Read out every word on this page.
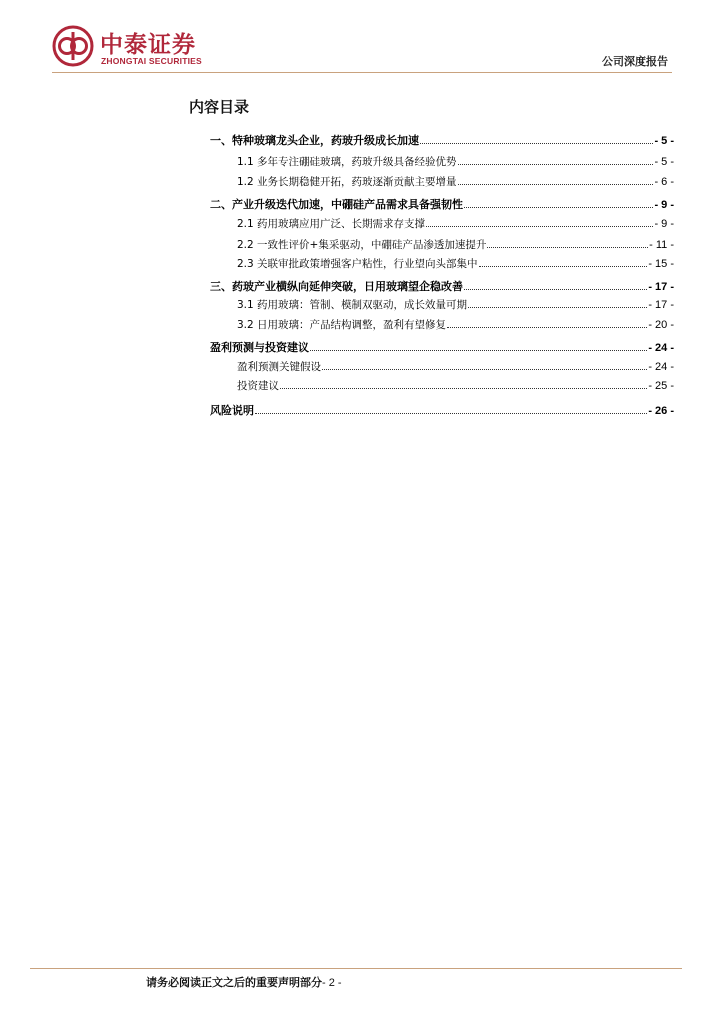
中泰证券
ZHONGTAI SECURITIES	公司深度报告
内容目录
一、特种玻璃龙头企业，药玻升级成长加速	- 5 -
1.1 多年专注硼硅玻璃，药玻升级具备经验优势	- 5 -
1.2 业务长期稳健开拓，药玻逐渐贡献主要增量	- 6 -
二、产业升级迭代加速，中硼硅产品需求具备强韧性	- 9 -
2.1 药用玻璃应用广泛、长期需求存支撑	- 9 -
2.2 一致性评价+集采驱动，中硼硅产品渗透加速提升	- 11 -
2.3 关联审批政策增强客户粘性，行业望向头部集中	- 15 -
三、药玻产业横纵向延伸突破，日用玻璃望企稳改善	- 17 -
3.1 药用玻璃：管制、模制双驱动，成长效量可期	- 17 -
3.2 日用玻璃：产品结构调整，盈利有望修复	- 20 -
盈利预测与投资建议	- 24 -
盈利预测关键假设	- 24 -
投资建议	- 25 -
风险说明	- 26 -
请务必阅读正文之后的重要声明部分 - 2 -
